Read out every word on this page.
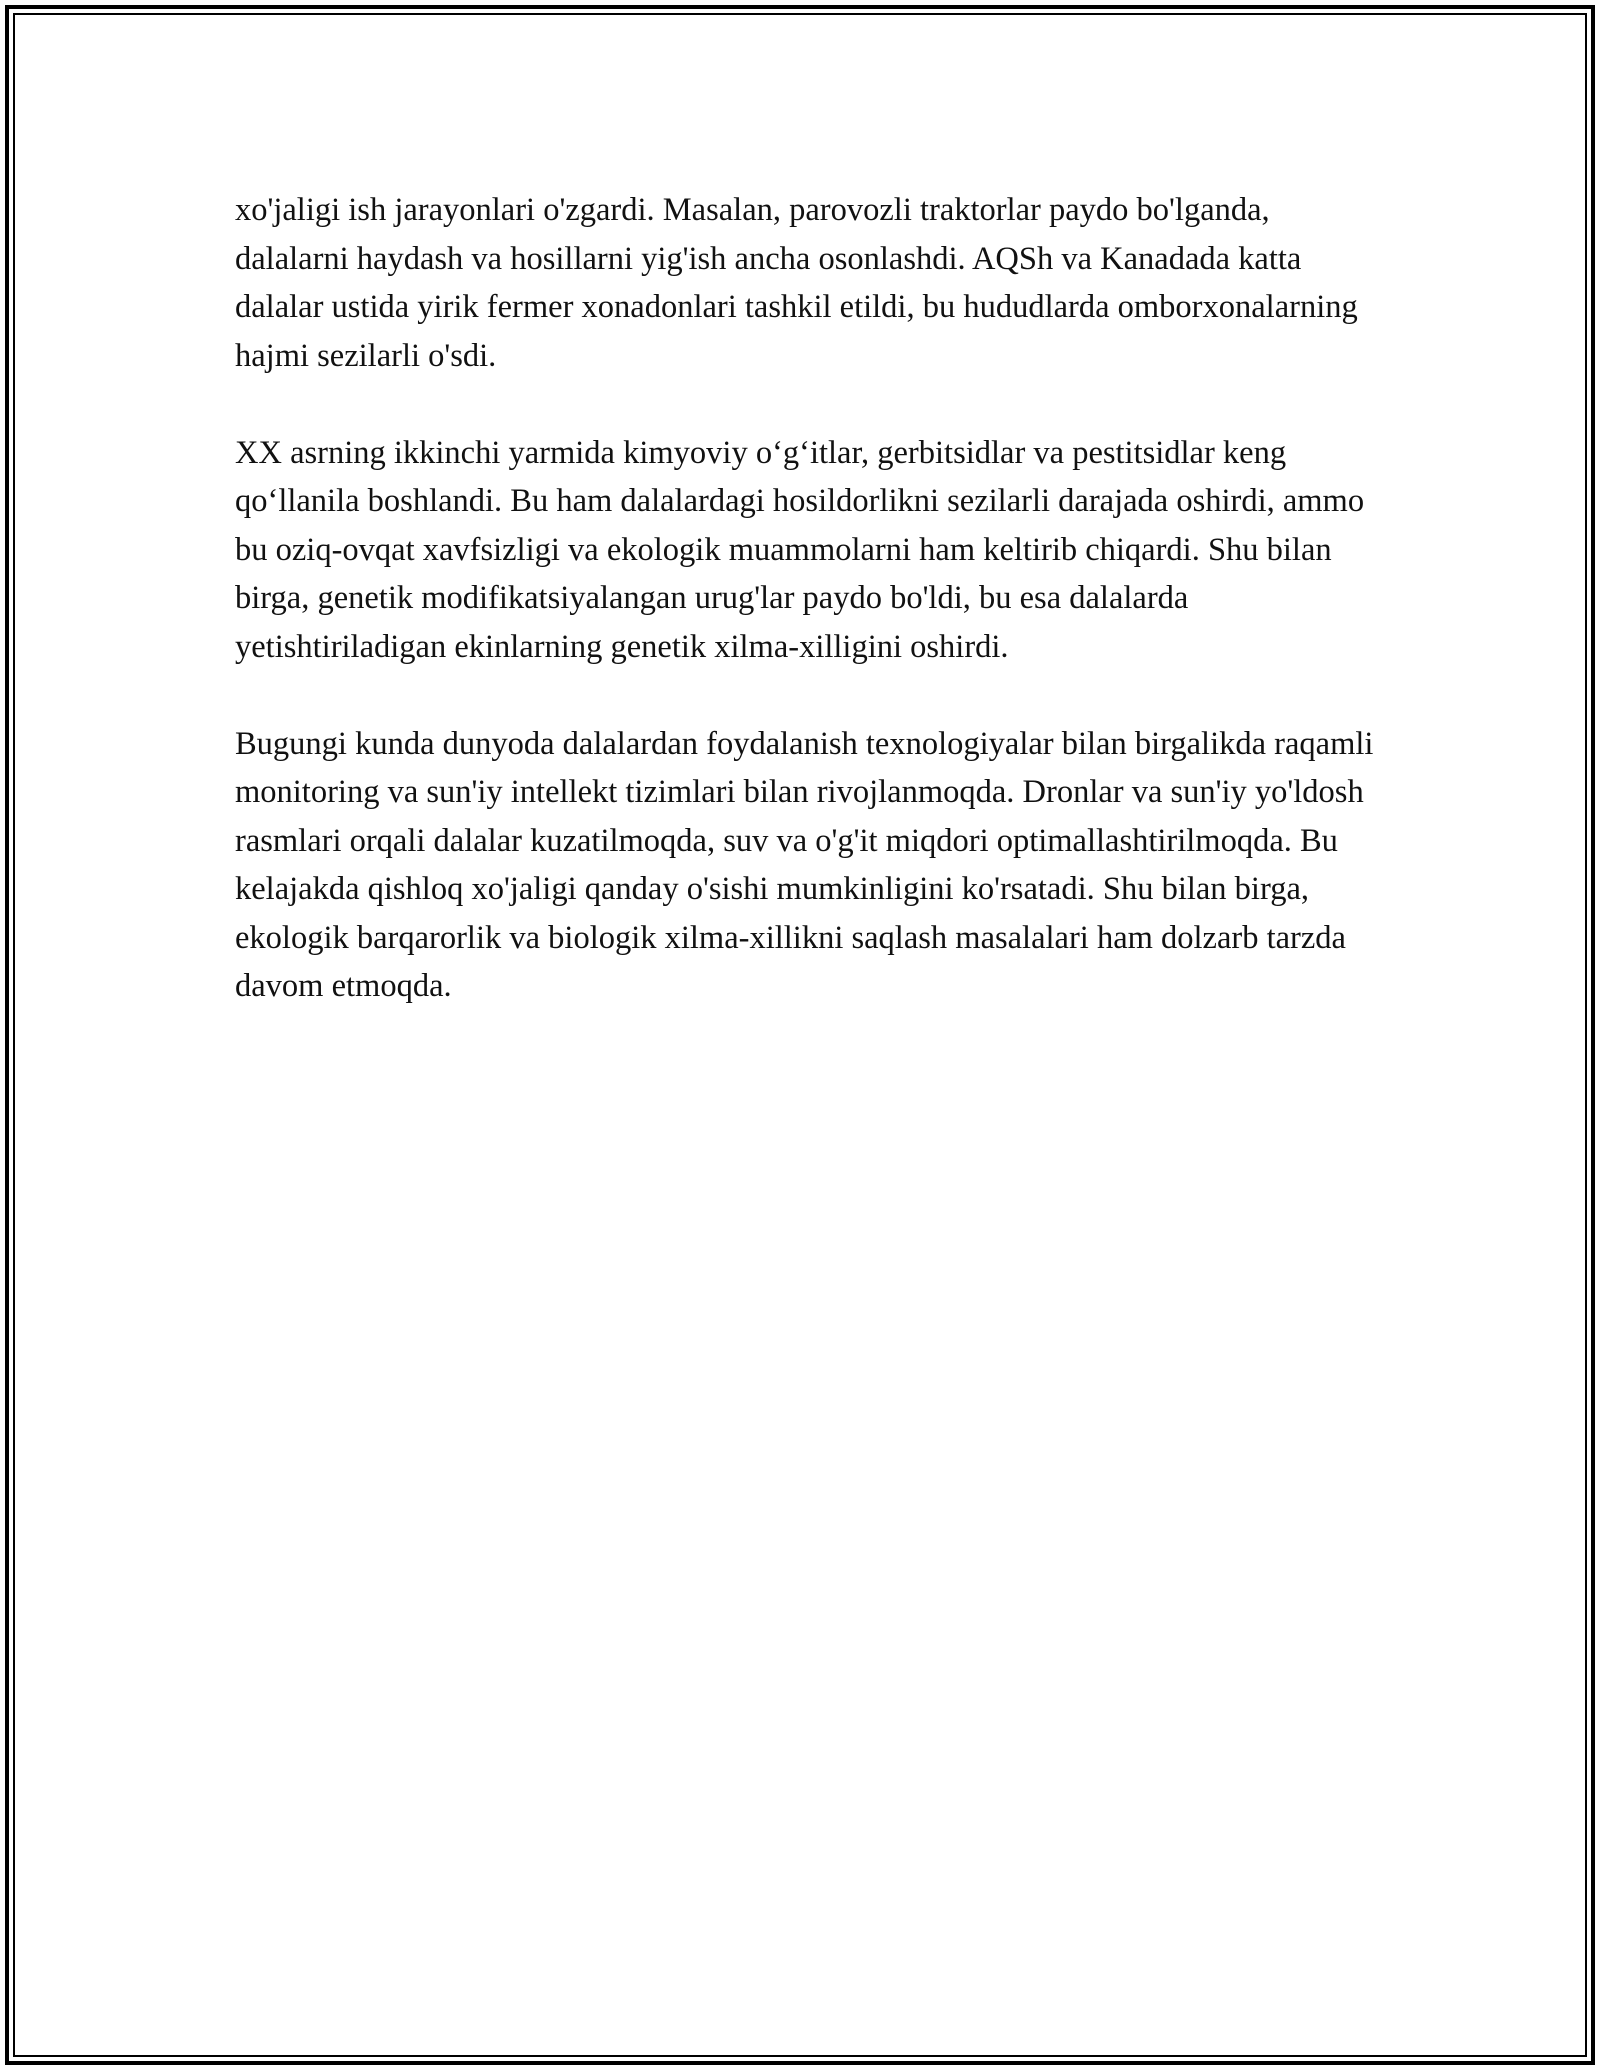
xo'jaligi ish jarayonlari o'zgardi. Masalan, parovozli traktorlar paydo bo'lganda, dalalarni haydash va hosillarni yig'ish ancha osonlashdi. AQSh va Kanadada katta dalalar ustida yirik fermer xonadonlari tashkil etildi, bu hududlarda omborxonalarning hajmi sezilarli o'sdi.

XX asrning ikkinchi yarmida kimyoviy o‘g‘itlar, gerbitsidlar va pestitsidlar keng qo‘llanila boshlandi. Bu ham dalalardagi hosildorlikni sezilarli darajada oshirdi, ammo bu oziq-ovqat xavfsizligi va ekologik muammolarni ham keltirib chiqardi. Shu bilan birga, genetik modifikatsiyalangan urug'lar paydo bo'ldi, bu esa dalalarda yetishtiriladigan ekinlarning genetik xilma-xilligini oshirdi.

Bugungi kunda dunyoda dalalardan foydalanish texnologiyalar bilan birgalikda raqamli monitoring va sun'iy intellekt tizimlari bilan rivojlanmoqda. Dronlar va sun'iy yo'ldosh rasmlari orqali dalalar kuzatilmoqda, suv va o'g'it miqdori optimallashtirilmoqda. Bu kelajakda qishloq xo'jaligi qanday o'sishi mumkinligini ko'rsatadi. Shu bilan birga, ekologik barqarorlik va biologik xilma-xillikni saqlash masalalari ham dolzarb tarzda davom etmoqda.
